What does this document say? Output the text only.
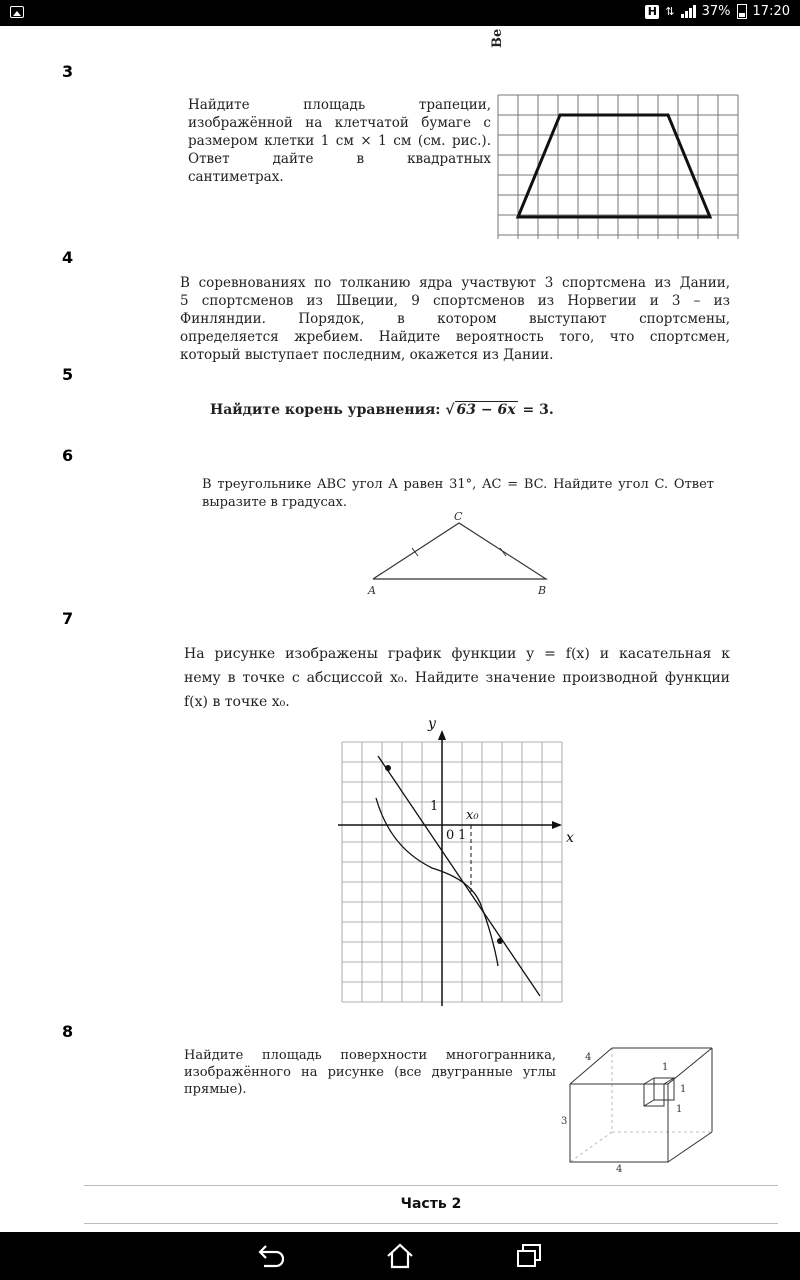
H ⇅ 37% 17:20
Ве
3
Найдите площадь трапеции,
изображённой на клетчатой бумаге с
размером клетки 1 см × 1 см (см. рис.).
Ответ дайте в квадратных
сантиметрах.
4
В соревнованиях по толканию ядра участвуют 3 спортсмена из Дании,
5 спортсменов из Швеции, 9 спортсменов из Норвегии и 3 – из
Финляндии. Порядок, в котором выступают спортсмены,
определяется жребием. Найдите вероятность того, что спортсмен,
который выступает последним, окажется из Дании.
5
Найдите корень уравнения: √ 63 − 6x = 3.
6
В треугольнике ABC угол A равен 31°, AC = BC. Найдите угол C. Ответ
выразите в градусах.
C
A	B
7
На рисунке изображены график функции y = f(x) и касательная к
нему в точке с абсциссой x₀. Найдите значение производной функции
f(x) в точке x₀.
y
x
1
0 1
x₀
8
Найдите площадь поверхности многогранника,
изображённого на рисунке (все двугранные углы
прямые).
4
3
4
1
1
1
Часть 2
